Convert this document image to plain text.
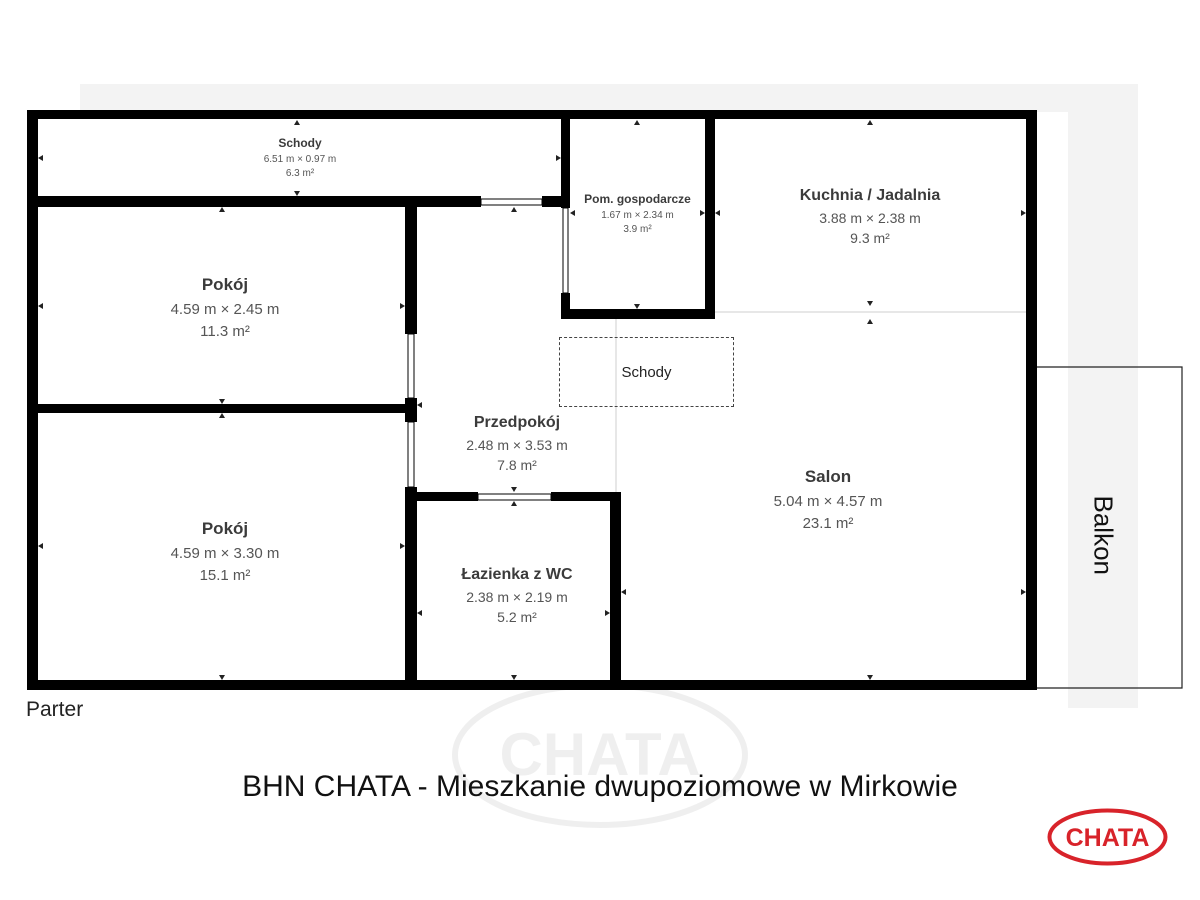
CHATA
Schody
6.51 m × 0.97 m
6.3 m²
Pom. gospodarcze
1.67 m × 2.34 m
3.9 m²
Kuchnia / Jadalnia
3.88 m × 2.38 m
9.3 m²
Pokój
4.59 m × 2.45 m
11.3 m²
Przedpokój
2.48 m × 3.53 m
7.8 m²
Pokój
4.59 m × 3.30 m
15.1 m²	Łazienka z WC
2.38 m × 2.19 m
5.2 m²
Salon
5.04 m × 4.57 m
23.1 m²
Schody
Balkon
Parter
BHN CHATA - Mieszkanie dwupoziomowe w Mirkowie
CHATA
